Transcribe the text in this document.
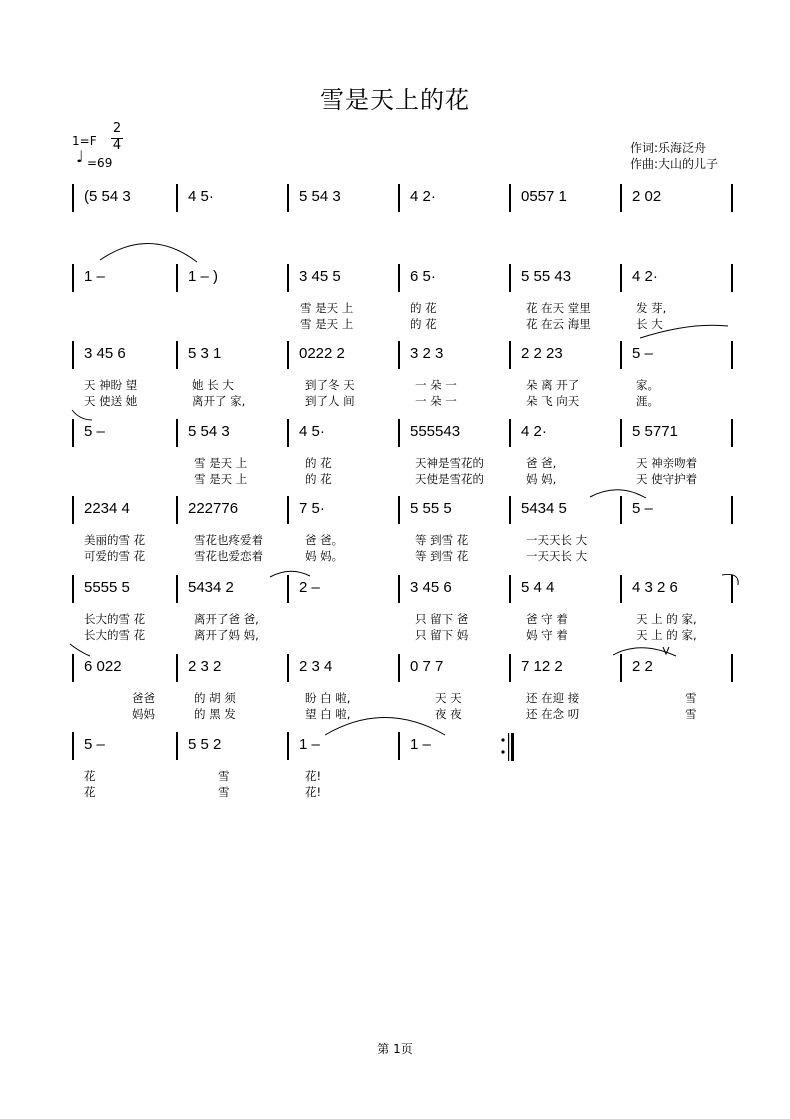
雪是天上的花
1=F
2
4
♩ =69
作词:乐海泛舟
作曲:大山的儿子
(5 54 3	4 5·	5 54 3	4 2·	0557 1	2 02
1 –	1 – )	3 45 5	6 5·	5 55 43	4 2·
雪 是天 上	的 花	花 在天 堂里	发 芽,
雪 是天 上	的 花	花 在云 海里	长 大
3 45 6	5 3 1	0222 2	3 2 3	2 2 23	5 –
天 神盼 望	她 长 大	到了冬 天	一 朵 一	朵 离 开了	家。
天 使送 她	离开了 家,	到了人 间	一 朵 一	朵 飞 向天	涯。
5 –	5 54 3	4 5·	555543	4 2·	5 5771
雪 是天 上	的 花	天神是雪花的	爸 爸,	天 神亲吻着
雪 是天 上	的 花	天使是雪花的	妈 妈,	天 使守护着
2234 4	222776	7 5·	5 55 5	5434 5	5 –
美丽的雪 花	雪花也疼爱着	爸 爸。	等 到雪 花	一天天长 大
可爱的雪 花	雪花也爱恋着	妈 妈。	等 到雪 花	一天天长 大
5555 5	5434 2	2 –	3 45 6	5 4 4	4 3 2 6
长大的雪 花	离开了爸 爸,	只 留下 爸	爸 守 着	天 上 的 家,
长大的雪 花	离开了妈 妈,	只 留下 妈	妈 守 着	天 上 的 家,
6 022	2 3 2	2 3 4	0 7 7	7 12 2	2 2
爸爸	的 胡 须	盼 白 啦,	天 天	还 在迎 接	雪
妈妈	的 黑 发	望 白 啦,	夜 夜	还 在念 叨	雪
5 –	5 5 2	1 –	1 –
花	雪	花!
花	雪	花!
第 1页
